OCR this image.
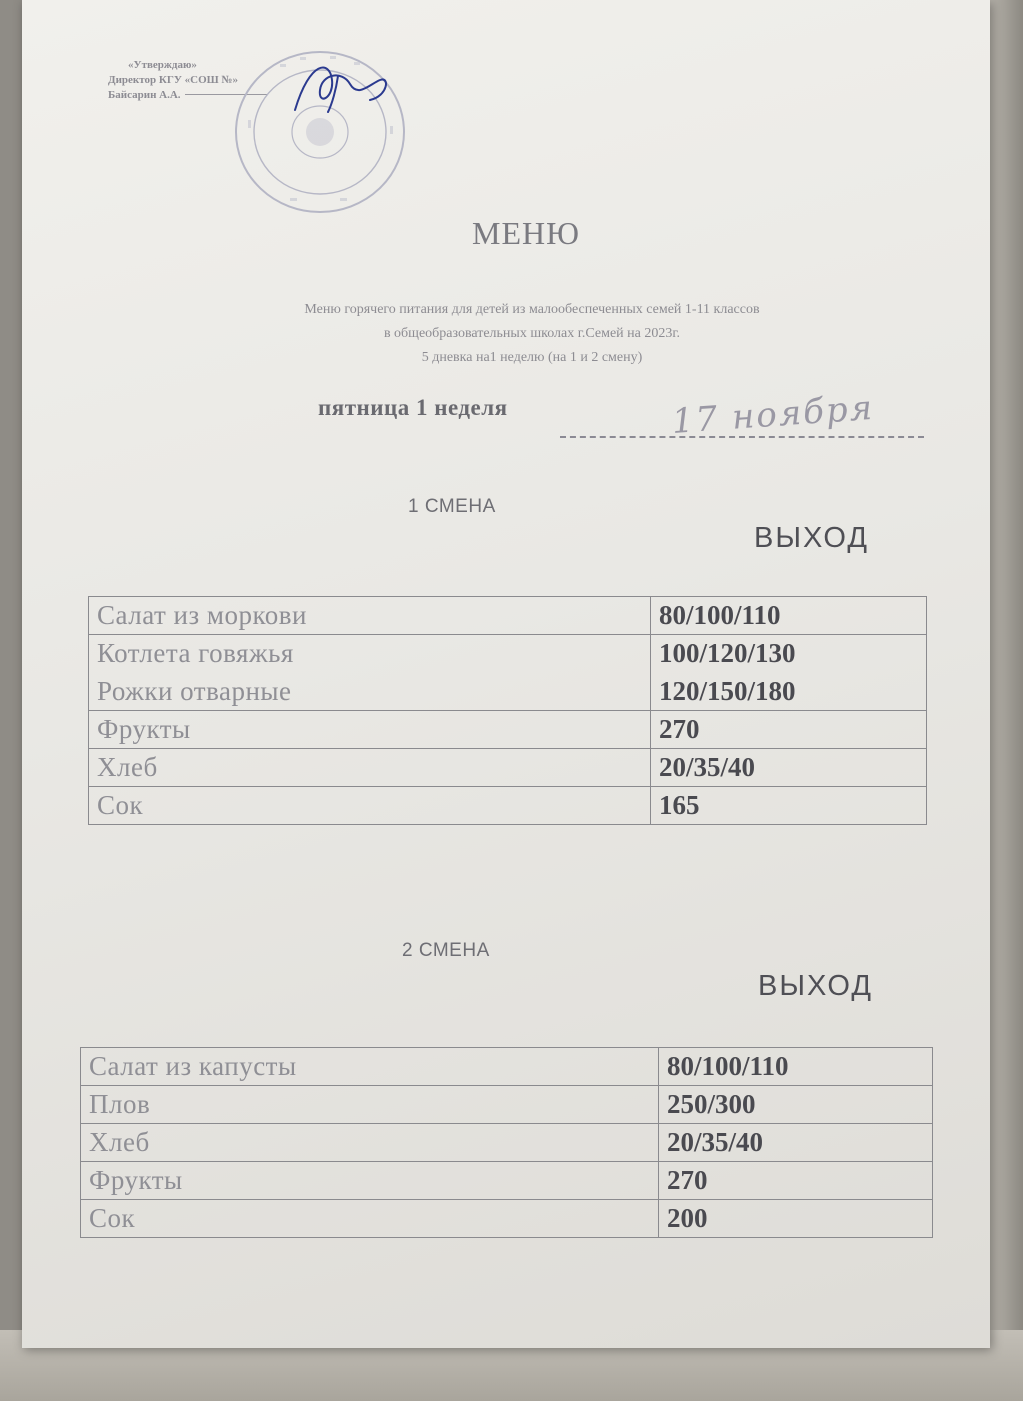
«Утверждаю»
Директор КГУ «СОШ №»
Байсарин А.А.
МЕНЮ
Меню горячего питания для детей из малообеспеченных семей 1-11 классов
в общеобразовательных школах г.Семей на 2023г.
5 дневка на1 неделю (на 1 и 2 смену)
пятница 1 неделя	17 ноября
1 СМЕНА
ВЫХОД
Салат из моркови	80/100/110
Котлета говяжья	100/120/130
Рожки отварные	120/150/180
Фрукты	270
Хлеб	20/35/40
Сок	165
2 СМЕНА
ВЫХОД
Салат из капусты	80/100/110
Плов	250/300
Хлеб	20/35/40
Фрукты	270
Сок	200
